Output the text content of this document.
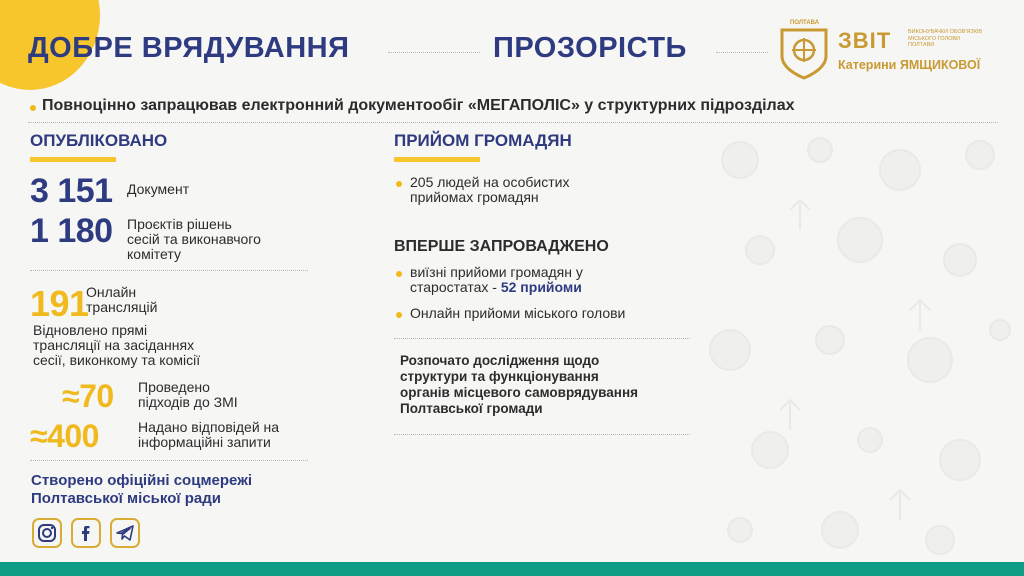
ДОБРЕ ВРЯДУВАННЯ	ПРОЗОРІСТЬ
ПОЛТАВА
ЗВІТ	ВИКОНУВАЧКИ ОБОВ'ЯЗКІВ
МІСЬКОГО ГОЛОВИ
ПОЛТАВИ
Катерини ЯМЩИКОВОЇ
Повноцінно запрацював електронний документообіг «МЕГАПОЛІС» у структурних підрозділах
ОПУБЛІКОВАНО
3 151 Документ
1 180 Проєктів рішень
сесій та виконавчого
комітету
191
Онлайн
трансляцій
Відновлено прямі
трансляції на засіданнях
сесії, виконкому та комісії
≈70 Проведено
підходів до ЗМІ
≈400	Надано відповідей на
інформаційні запити
Створено офіційні соцмережі
Полтавської міської ради
ПРИЙОМ ГРОМАДЯН
205 людей на особистих
прийомах громадян
ВПЕРШЕ ЗАПРОВАДЖЕНО
виїзні прийоми громадян у
старостатах - 52 прийоми
Онлайн прийоми міського голови
Розпочато дослідження щодо
структури та функціонування
органів місцевого самоврядування
Полтавської громади
